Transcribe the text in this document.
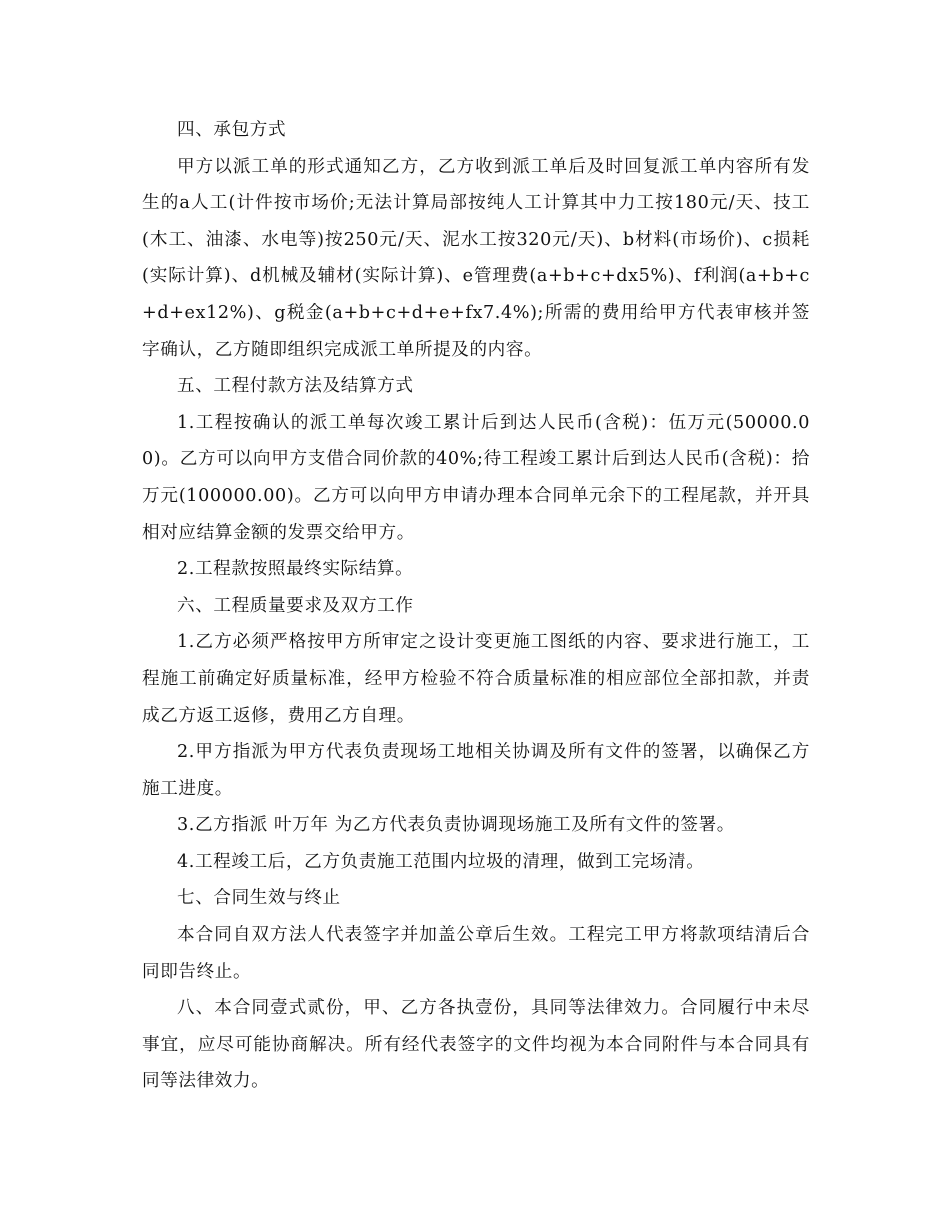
四、承包方式

甲方以派工单的形式通知乙方，乙方收到派工单后及时回复派工单内容所有发生的a人工(计件按市场价;无法计算局部按纯人工计算其中力工按180元/天、技工(木工、油漆、水电等)按250元/天、泥水工按320元/天)、b材料(市场价)、c损耗(实际计算)、d机械及辅材(实际计算)、e管理费(a+b+c+dx5%)、f利润(a+b+c+d+ex12%)、g税金(a+b+c+d+e+fx7.4%);所需的费用给甲方代表审核并签字确认，乙方随即组织完成派工单所提及的内容。

五、工程付款方法及结算方式

1.工程按确认的派工单每次竣工累计后到达人民币(含税)：伍万元(50000.00)。乙方可以向甲方支借合同价款的40%;待工程竣工累计后到达人民币(含税)：拾万元(100000.00)。乙方可以向甲方申请办理本合同单元余下的工程尾款，并开具相对应结算金额的发票交给甲方。

2.工程款按照最终实际结算。

六、工程质量要求及双方工作

1.乙方必须严格按甲方所审定之设计变更施工图纸的内容、要求进行施工，工程施工前确定好质量标准，经甲方检验不符合质量标准的相应部位全部扣款，并责成乙方返工返修，费用乙方自理。

2.甲方指派为甲方代表负责现场工地相关协调及所有文件的签署，以确保乙方施工进度。

3.乙方指派 叶万年 为乙方代表负责协调现场施工及所有文件的签署。

4.工程竣工后，乙方负责施工范围内垃圾的清理，做到工完场清。

七、合同生效与终止

本合同自双方法人代表签字并加盖公章后生效。工程完工甲方将款项结清后合同即告终止。

八、本合同壹式贰份，甲、乙方各执壹份，具同等法律效力。合同履行中未尽事宜，应尽可能协商解决。所有经代表签字的文件均视为本合同附件与本合同具有同等法律效力。
